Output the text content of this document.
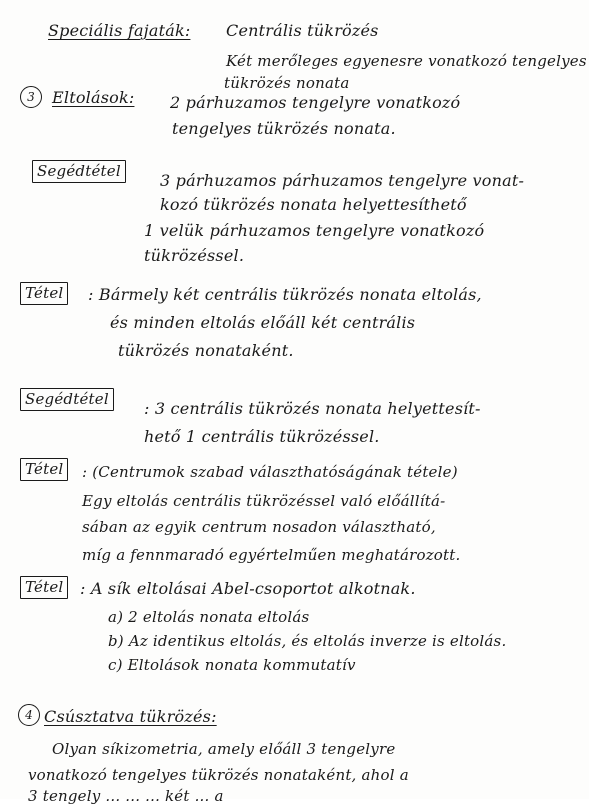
Speciális fajaták: Centrális tükrözés
Két merőleges egyenesre vonatkozó tengelyes
tükrözés nonata
3	Eltolások: 2 párhuzamos tengelyre vonatkozó
tengelyes tükrözés nonata.
Segédtétel	3 párhuzamos párhuzamos tengelyre vonat-
kozó tükrözés nonata helyettesíthető
1 velük párhuzamos tengelyre vonatkozó
tükrözéssel.
Tétel	: Bármely két centrális tükrözés nonata eltolás,
és minden eltolás előáll két centrális
tükrözés nonataként.
Segédtétel	: 3 centrális tükrözés nonata helyettesít-
hető 1 centrális tükrözéssel.
Tétel	: (Centrumok szabad választhatóságának tétele)
Egy eltolás centrális tükrözéssel való előállítá-
sában az egyik centrum nosadon választható,
míg a fennmaradó egyértelműen meghatározott.
Tétel	: A sík eltolásai Abel-csoportot alkotnak.
a) 2 eltolás nonata eltolás
b) Az identikus eltolás, és eltolás inverze is eltolás.
c) Eltolások nonata kommutatív
4 Csúsztatva tükrözés:
Olyan síkizometria, amely előáll 3 tengelyre
vonatkozó tengelyes tükrözés nonataként, ahol a
3 tengely ... ... ... két ... a
